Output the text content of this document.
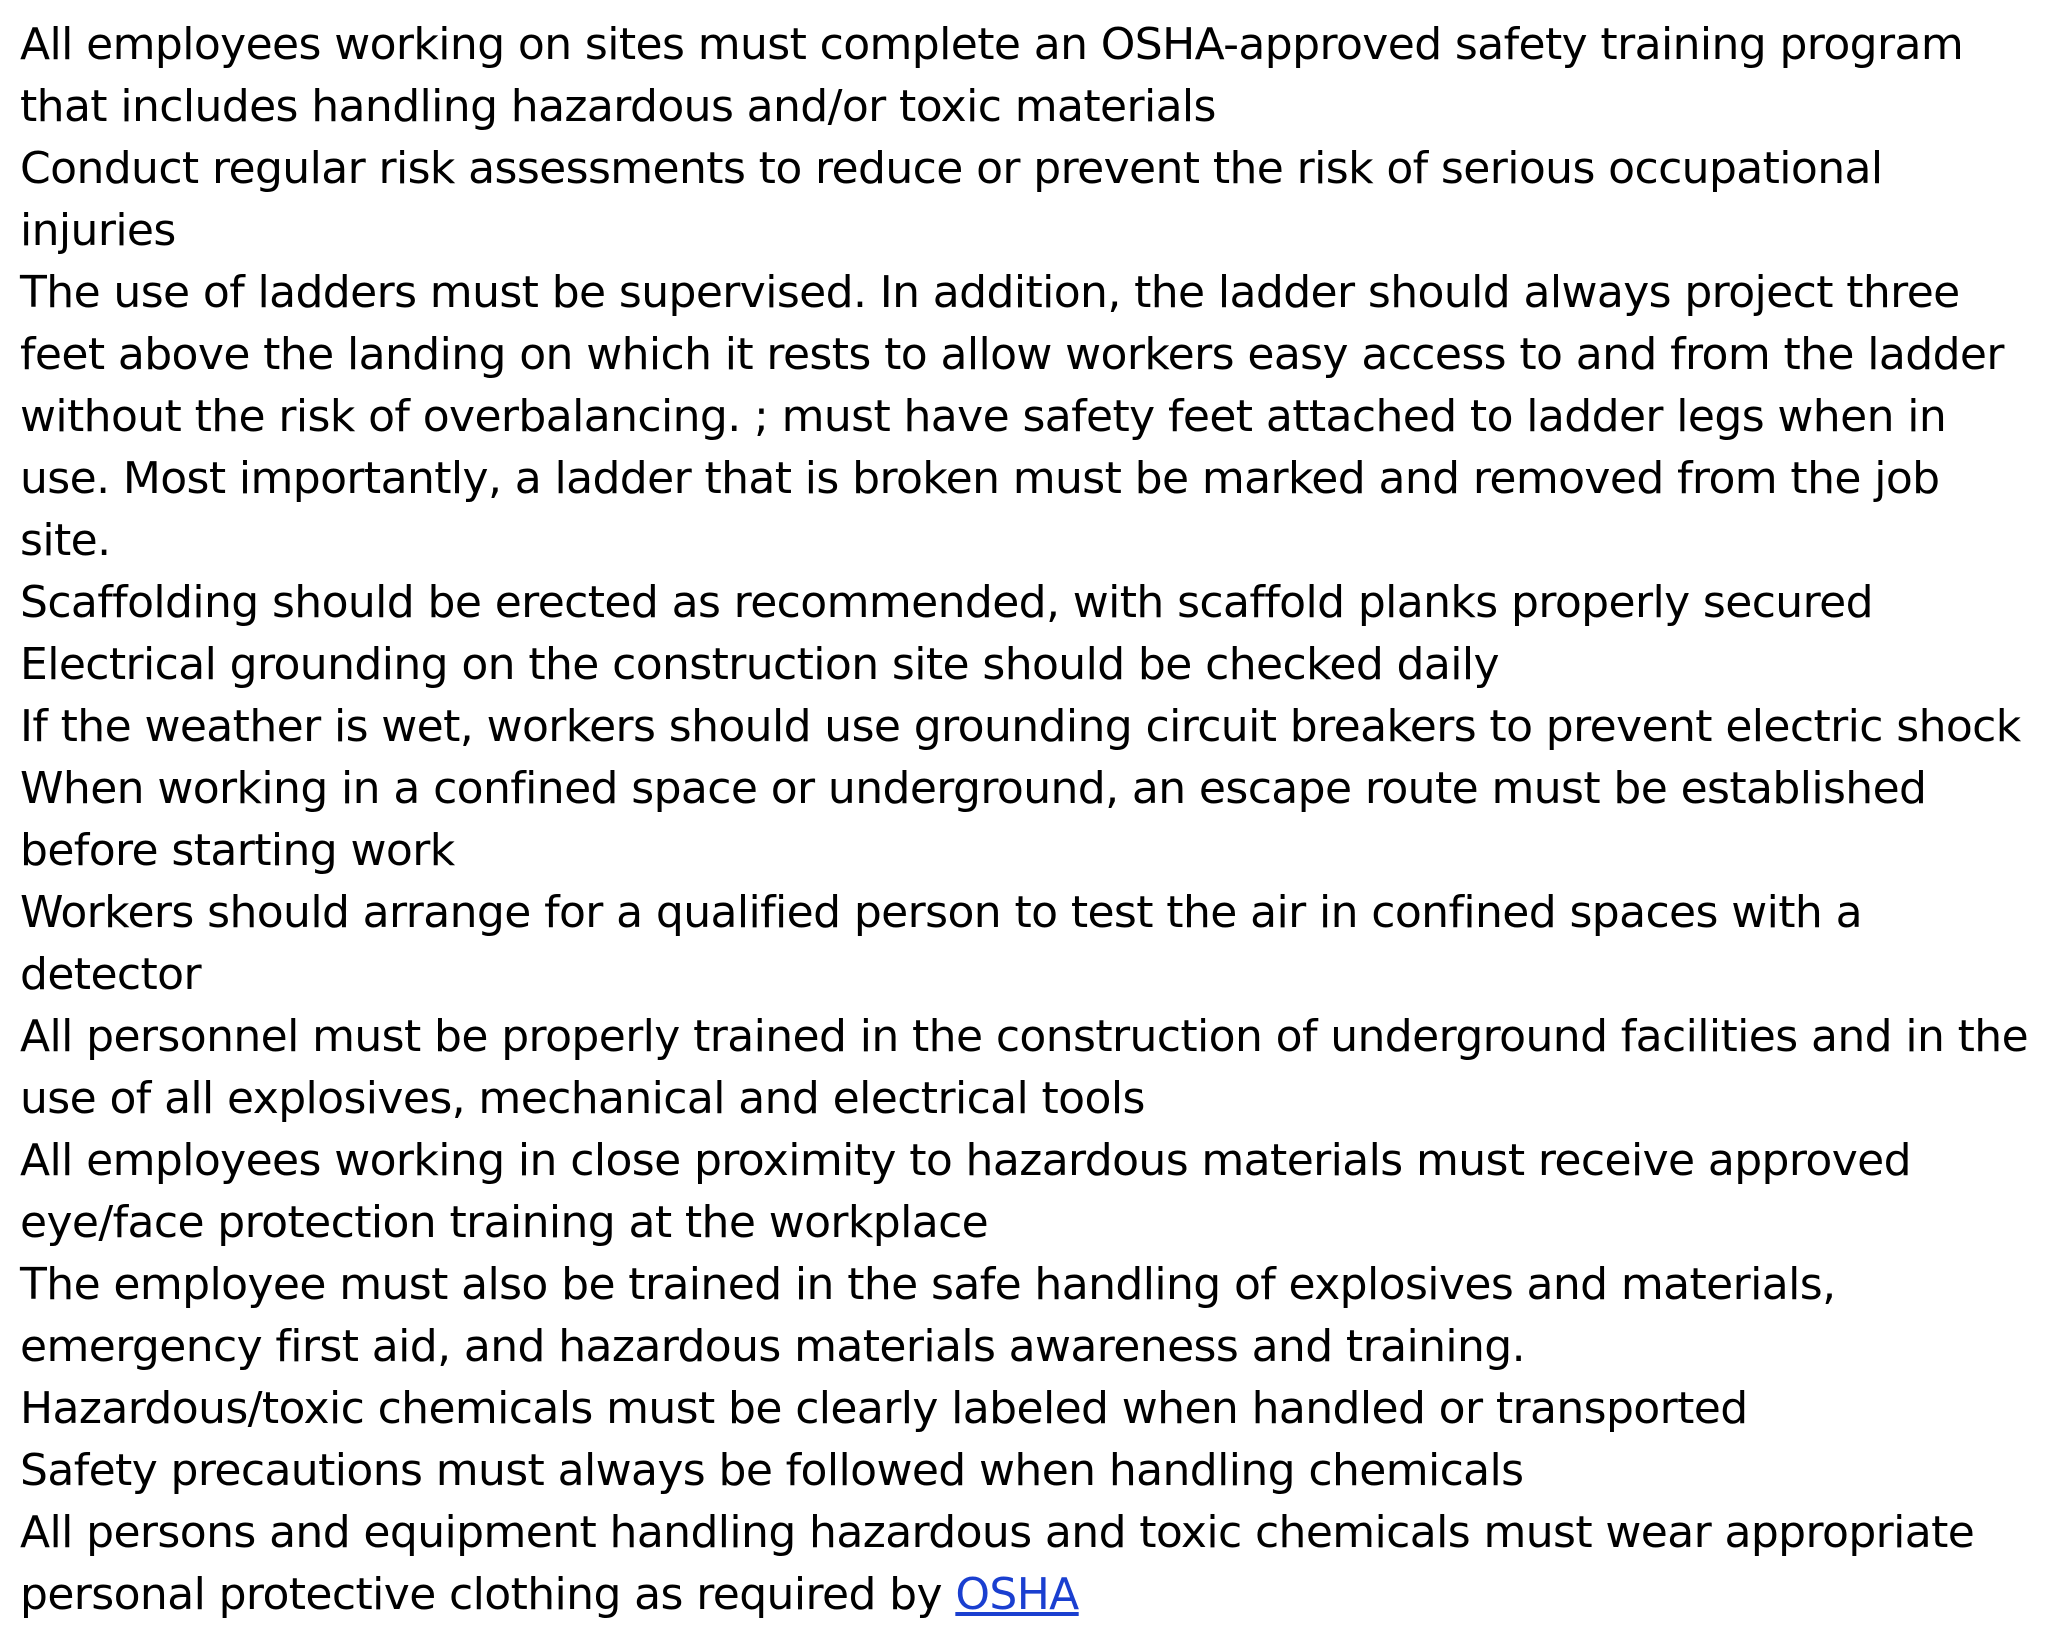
All employees working on sites must complete an OSHA-approved safety training program that includes handling hazardous and/or toxic materials

Conduct regular risk assessments to reduce or prevent the risk of serious occupational injuries

The use of ladders must be supervised. In addition, the ladder should always project three feet above the landing on which it rests to allow workers easy access to and from the ladder without the risk of overbalancing. ; must have safety feet attached to ladder legs when in use. Most importantly, a ladder that is broken must be marked and removed from the job site.

Scaffolding should be erected as recommended, with scaffold planks properly secured

Electrical grounding on the construction site should be checked daily

If the weather is wet, workers should use grounding circuit breakers to prevent electric shock

When working in a confined space or underground, an escape route must be established before starting work

Workers should arrange for a qualified person to test the air in confined spaces with a detector

All personnel must be properly trained in the construction of underground facilities and in the use of all explosives, mechanical and electrical tools

All employees working in close proximity to hazardous materials must receive approved eye/face protection training at the workplace

The employee must also be trained in the safe handling of explosives and materials, emergency first aid, and hazardous materials awareness and training.

Hazardous/toxic chemicals must be clearly labeled when handled or transported

Safety precautions must always be followed when handling chemicals

All persons and equipment handling hazardous and toxic chemicals must wear appropriate personal protective clothing as required by OSHA
